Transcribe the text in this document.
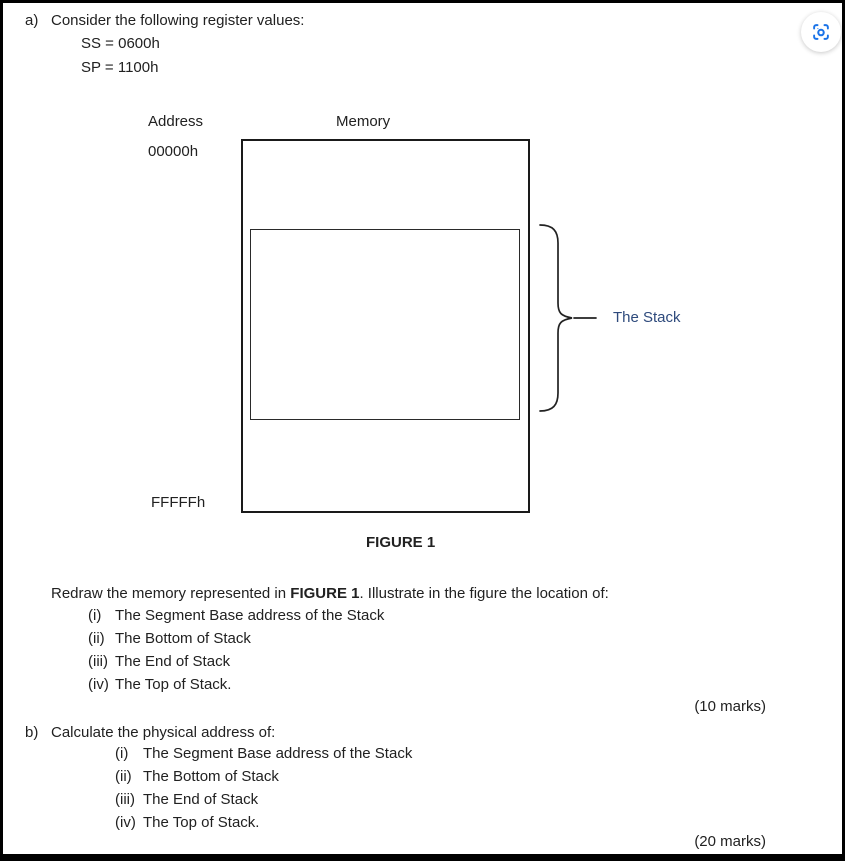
a) Consider the following register values:
SS = 0600h
SP = 1100h
Address	Memory
00000h
FFFFFh
The Stack
FIGURE 1
Redraw the memory represented in FIGURE 1. Illustrate in the figure the location of:
(i) The Segment Base address of the Stack
(ii) The Bottom of Stack
(iii) The End of Stack
(iv) The Top of Stack.
(10 marks)
b) Calculate the physical address of:
(i) The Segment Base address of the Stack
(ii) The Bottom of Stack
(iii) The End of Stack
(iv) The Top of Stack.
(20 marks)
